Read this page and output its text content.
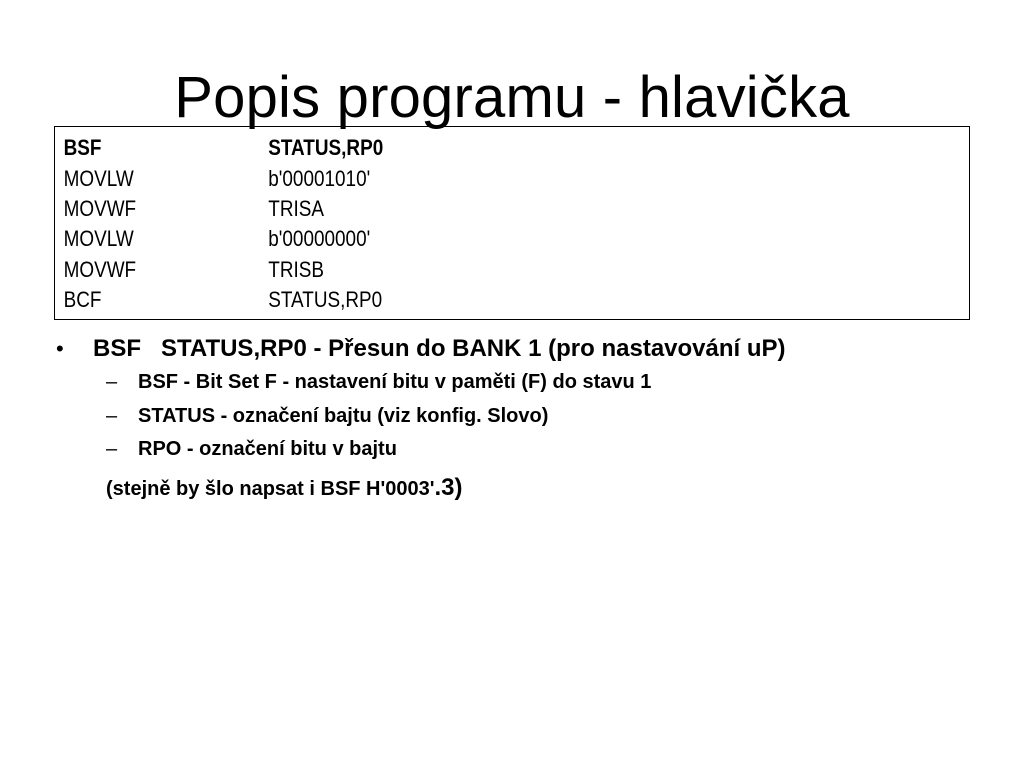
Popis programu - hlavička
BSF	STATUS,RP0
MOVLW	b'00001010'
MOVWF	TRISA
MOVLW	b'00000000'
MOVWF	TRISB
BCF	STATUS,RP0
• BSF   STATUS,RP0 - Přesun do BANK 1 (pro nastavování uP)
– BSF - Bit Set F - nastavení bitu v paměti (F) do stavu 1
– STATUS - označení bajtu (viz konfig. Slovo)
– RPO - označení bitu v bajtu
(stejně by šlo napsat i BSF H'0003'.3)
